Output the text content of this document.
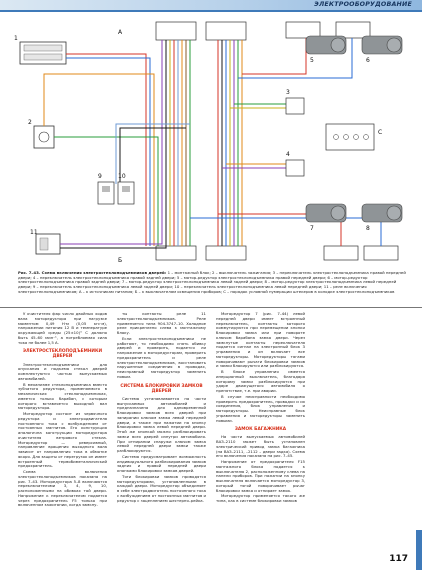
ЭЛЕКТРООБОРУДОВАНИЕ
1
2
11
3
4
5	6
7	8
9	10
А
Б
С
Рис. 7–43. Схема включения электростеклоподъемников дверей: 1 – монтажный блок; 2 – выключатель зажигания; 3 – переключатель электростеклоподъемника правой передней двери; 4 – переключатель электростеклоподъемника правой задней двери; 5 – мотор-редуктор электростеклоподъемника правой передней двери; 6 – мотор-редуктор электростеклоподъемника правой задней двери; 7 – мотор-редуктор электростеклоподъемника левой задней двери; 8 – мотор-редуктор электростеклоподъемника левой передней двери; 9 – переключатель электростеклоподъемника левой задней двери; 10 – переключатель электростеклоподъемника левой передней двери; 11 – реле включения электростеклоподъемников; А – к источникам питания; Б – к выключателям освещения приборов; С – порядок условной нумерации штекеров в колодке электростеклоподъемников

У очистителя фар число двойных ходов вала моторедуктора при нагрузке моментом 0,49 Н·м (0,05 кгс·м), напряжении питания 12 В и температуре окружающей среды (25±10)° С должно быть 45–60 мин⁻¹, а потребляемая сила тока не более 1,5 А.

ЭЛЕКТРОСТЕКЛОПОДЪЕМНИКИ ДВЕРЕЙ

Электростеклоподъемники для опускания и подъема стекол дверей комплектуются частью выпускаемых автомобилей.

В механизме стеклоподъемника вместо зубчатого редуктора, применяемого в механических стеклоподъемниках, имеется только барабан, с которым которого вставляется выходной вал моторедуктора.

Моторедуктор состоит из червячного редуктора и электродвигателя постоянного тока с возбуждением от постоянных магнитов. Его конструкция аналогична конструкции моторедуктора очистителя ветрового стекла. Моторедуктор — реверсивный, направление вращения выходного вала зависит от направления тока в обмотке якоря. Для защиты от перегрузок он имеет встроенный термобиметаллический предохранитель.

Схема включения электростеклоподъемников показана на рис. 7–43. Моторедуктора 5–8 включаются переключателями 3, 4, 9, 10, расположенными на обивках той двери. Напряжение к переключателям подается через предохранитель F5 только при включенном зажигании, когда замкну-

ты контакты реле 11 электростеклоподъемников. Реле применяется типа 904.3747–10. Холодное реле прикреплено слева к монтажному блоку.

Если электростеклоподъемники не работают, то необходимо снять обивку дверей и проверить, подается ли напряжение к моторедукторам, проверить предохранитель и реле электростеклоподъемников, восстановить нарушенные соединения в проводах, неисправный моторедуктор заменить новым.

СИСТЕМА БЛОКИРОВКИ ЗАМКОВ ДВЕРЕЙ

Система устанавливается на части выпускаемых автомобилей и предназначена для одновременной блокировки замков всех дверей при запирании ключом замка левой передней двери, а также при нажатии на кнопку блокировки замка левой передней двери. Этой же кнопкой можно разблокировать замки всех дверей изнутри автомобиля. При отпирании снаружи ключом замка левой передней двери замки также разблокируются.

Система предусматривает возможность индивидуального разблокирования замков задних и правой передней двери кнопками блокировки замков дверей.

Тяги блокировки замков приводятся моторедукторами, установленными в каждой двери. Моторедуктор объединяет в себе электродвигатель постоянного тока с возбуждением от постоянных магнитов и редуктор с зацеплением шестерня–рейка.

Моторедуктор 7 (рис. 7–44) левой передней двери имеет встроенный переключатель, контакты которого коммутируются при перемещении кнопки блокировки замка или при повороте ключом барабана замка двери. Через замкнутые контакты переключателя подается сигнал на электронный блок 3 управления и он включает все моторедукторы. Моторедукторы тягами поворачивают рычаги блокировки замков и замки блокируются или разблокируются.

В блоке управления имеется инерционный выключатель, благодаря которому замки разблокируются при ударе движущегося автомобиля о препятствие, т.е. при аварии.

В случае неисправности необходимо проверить предохранитель, проводки и их соединения, блок управления и моторедукторы. Неисправные блок управления и моторедукторы заменить новыми.

ЗАМОК БАГАЖНИКА

На части выпускаемых автомобилей ВАЗ–2110 может быть установлен электрический привод замка багажника (на ВАЗ–2111, –2112 – двери задка). Схема его включения показана на рис. 7–45.

Напряжение от предохранителя F15 монтажного блока подается к выключателю 2, расположенному слева на панели приборов. При нажатии на кнопку выключателя включается моторедуктор 3, который тягой поворачивает рычаг блокировки замка и отпирает замок.

Моторедуктор применяется такого же типа, как в системе блокировки замков

117
